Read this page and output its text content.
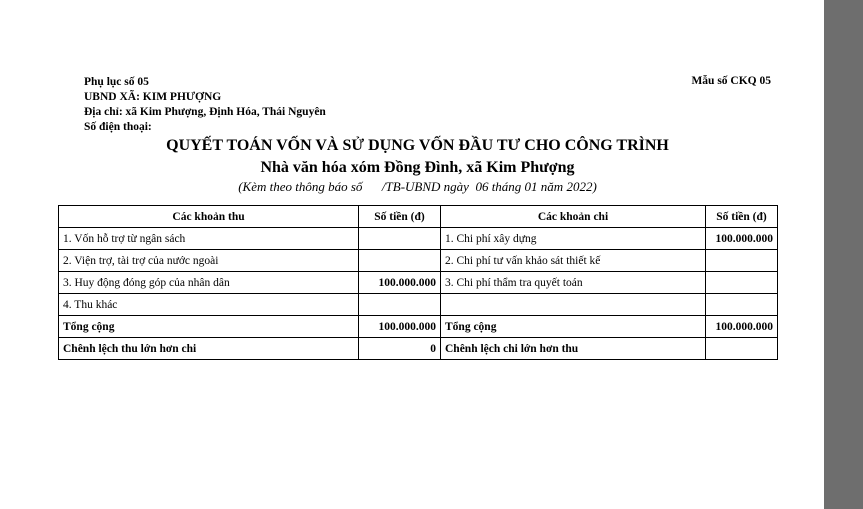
Phụ lục số 05
UBND XÃ: KIM PHƯỢNG
Địa chỉ: xã Kim Phượng, Định Hóa, Thái Nguyên
Số điện thoại:
Mẫu số CKQ 05
QUYẾT TOÁN VỐN VÀ SỬ DỤNG VỐN ĐẦU TƯ CHO CÔNG TRÌNH
Nhà văn hóa xóm Đồng Đình, xã Kim Phượng
(Kèm theo thông báo số      /TB-UBND ngày  06 tháng 01 năm 2022)
Các khoản thu	Số tiền (đ)	Các khoản chi	Số tiền (đ)
1. Vốn hỗ trợ từ ngân sách		1. Chi phí xây dựng	100.000.000
2. Viện trợ, tài trợ của nước ngoài		2. Chi phí tư vấn khảo sát thiết kế	
3. Huy động đóng góp của nhân dân	100.000.000	3. Chi phí thẩm tra quyết toán	
4. Thu khác			
Tổng cộng	100.000.000	Tổng cộng	100.000.000
Chênh lệch thu lớn hơn chi	0	Chênh lệch chi lớn hơn thu	
